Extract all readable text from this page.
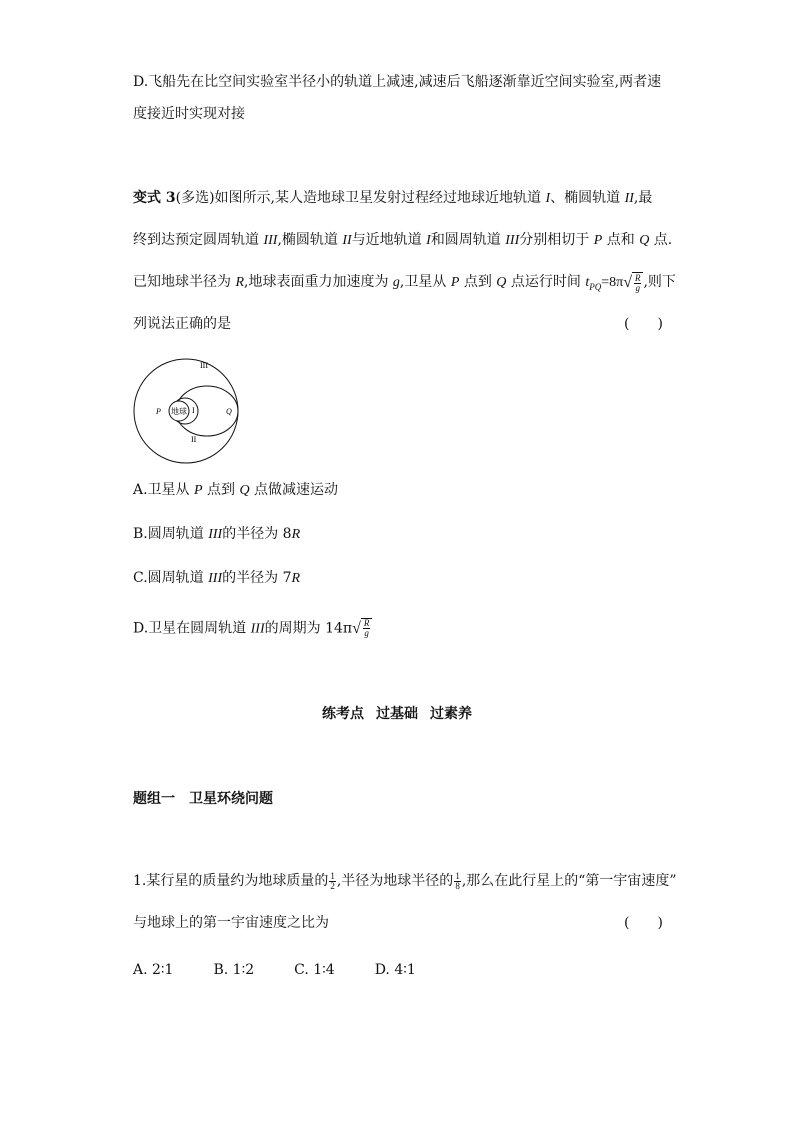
D.飞船先在比空间实验室半径小的轨道上减速,减速后飞船逐渐靠近空间实验室,两者速
度接近时实现对接
变式 3(多选)如图所示,某人造地球卫星发射过程经过地球近地轨道 I、椭圆轨道 II,最
终到达预定圆周轨道 III,椭圆轨道 II与近地轨道 I和圆周轨道 III分别相切于 P 点和 Q 点.
已知地球半径为 R,地球表面重力加速度为 g,卫星从 P 点到 Q 点运行时间 $t_{PQ}=8\pi√ \frac{R}{g}$ ,则下
列说法正确的是	(　　)
地球
P	Q
III
I
II
A.卫星从 P 点到 Q 点做减速运动
B.圆周轨道 III的半径为 8R
C.圆周轨道 III的半径为 7R
D.卫星在圆周轨道 III的周期为 $14\pi√ \frac{R}{g}$
练考点 过基础 过素养
题组一　卫星环绕问题
1.某行星的质量约为地球质量的 $\frac{1}{2}$ ,半径为地球半径的 $\frac{1}{8}$ ,那么在此行星上的“第一宇宙速度”
与地球上的第一宇宙速度之比为	(　　)
A. 2∶1	B. 1∶2	C. 1∶4	D. 4∶1
